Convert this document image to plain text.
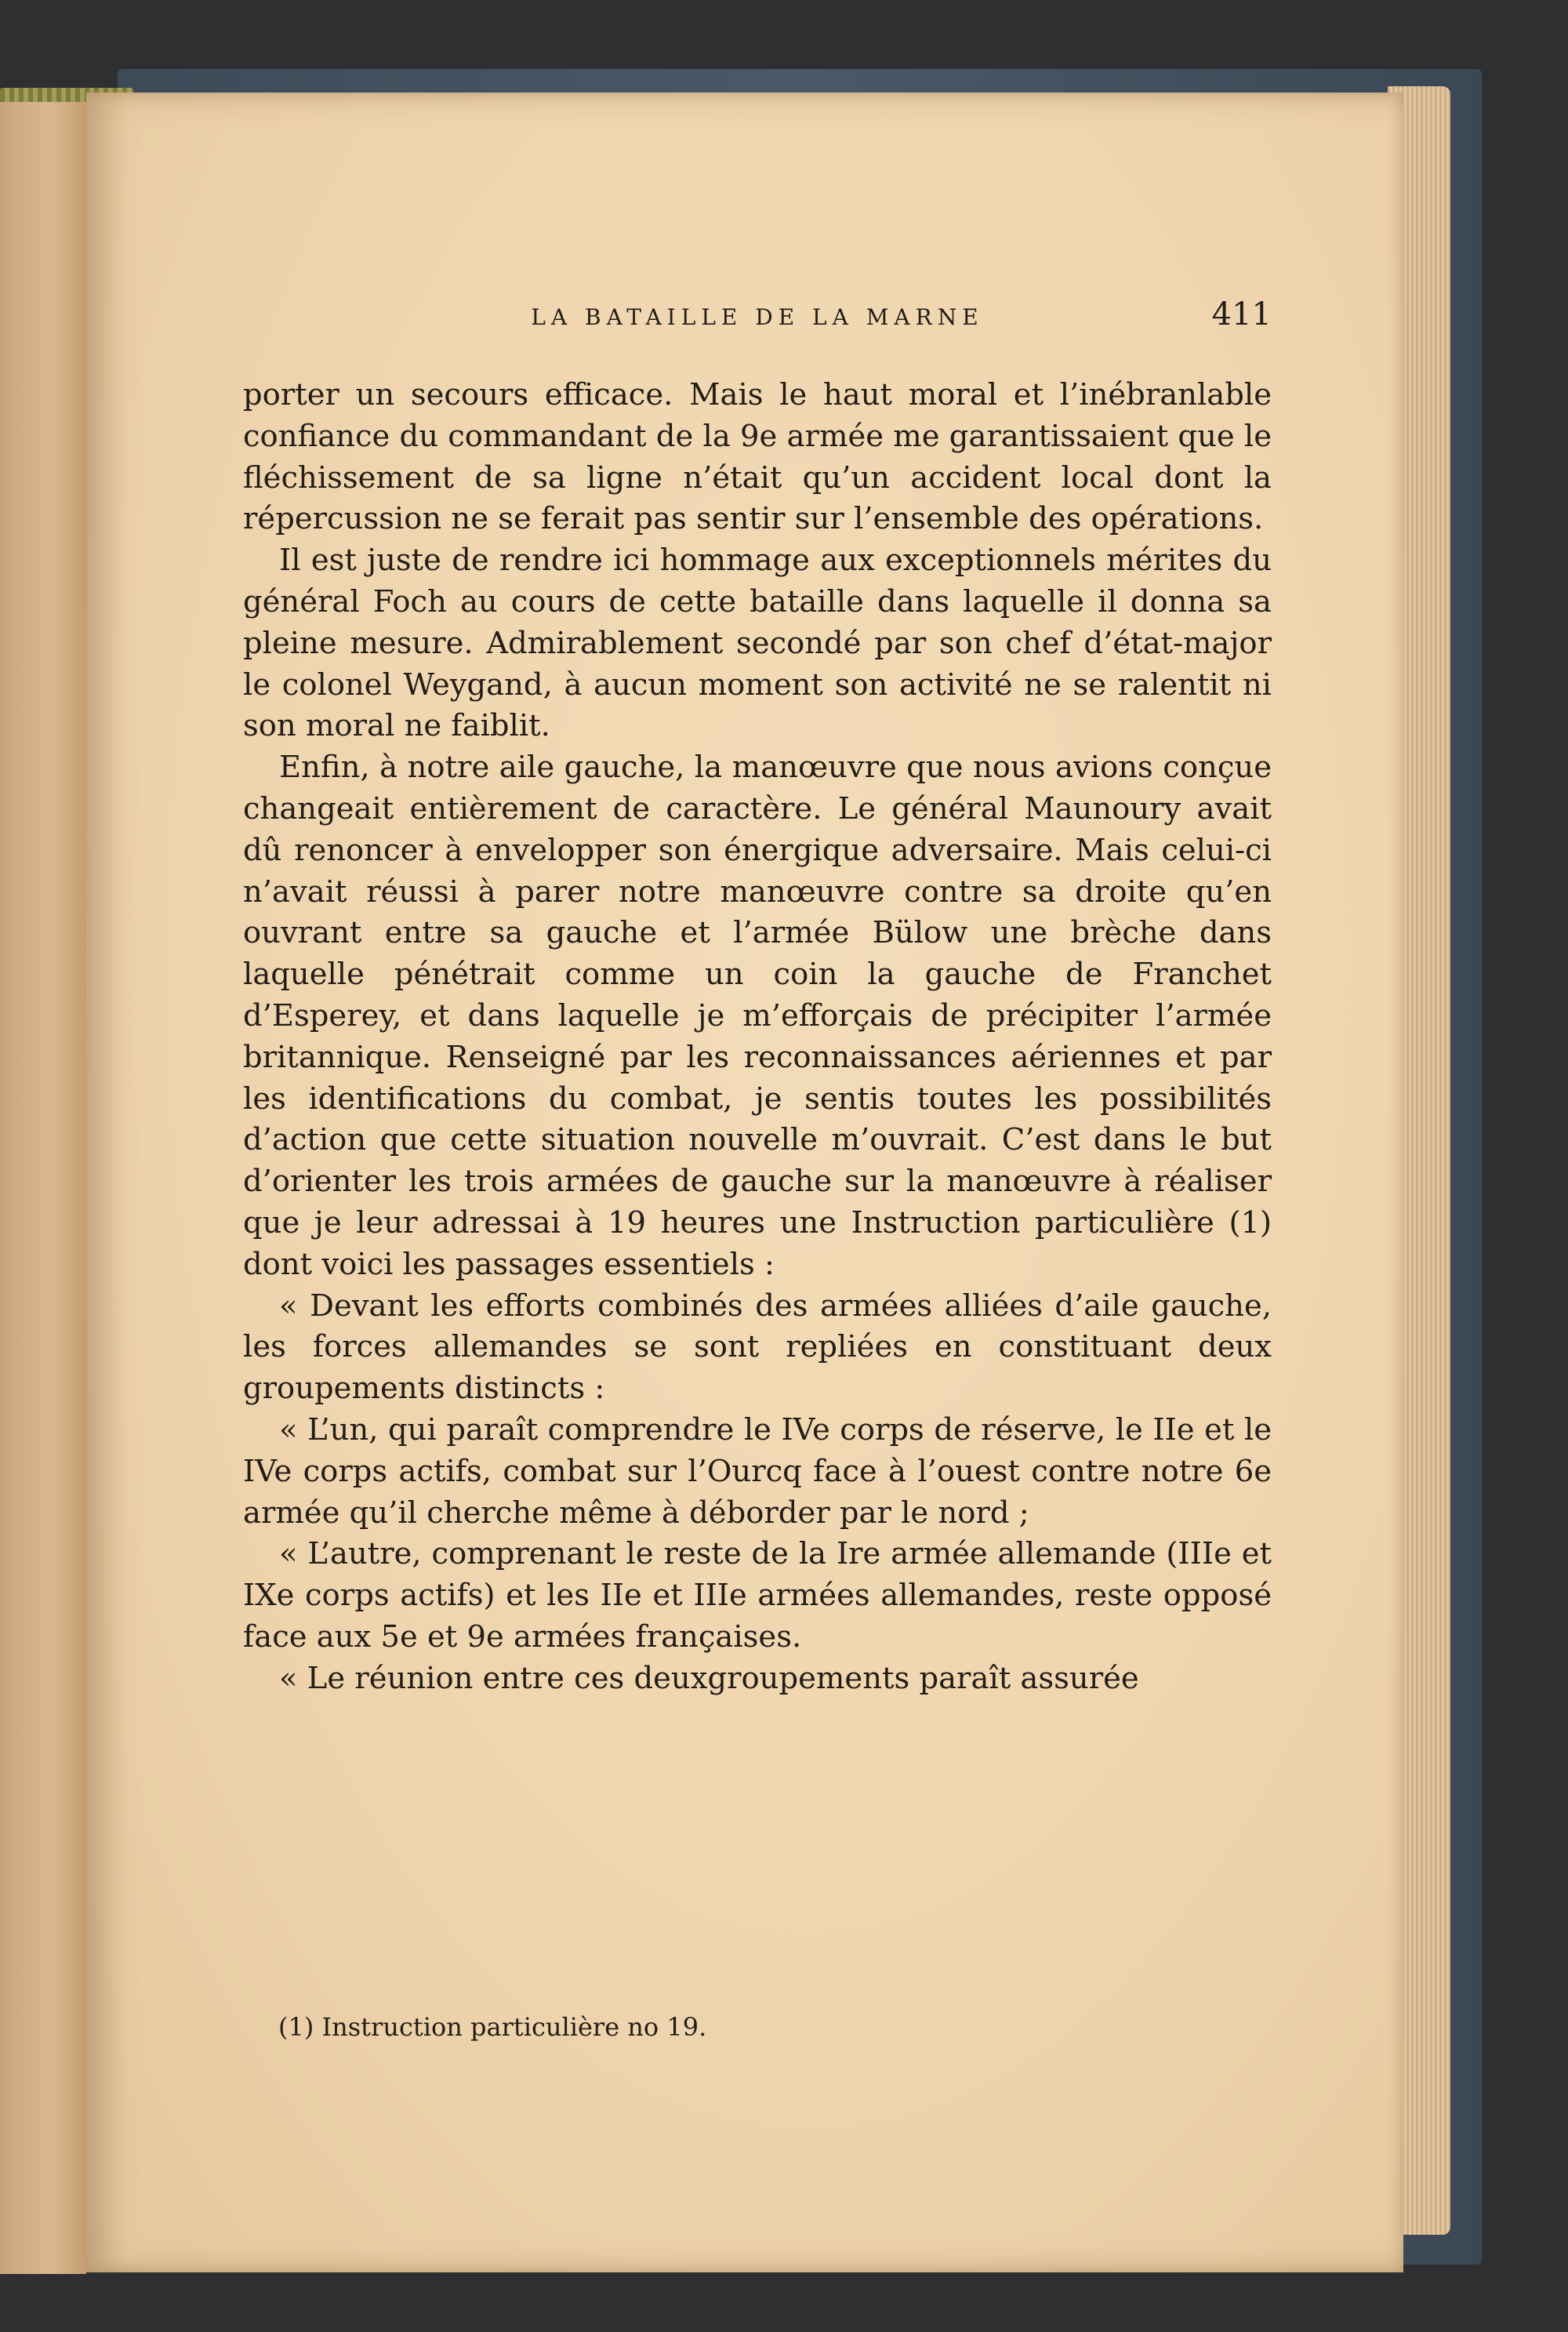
LA BATAILLE DE LA MARNE	411

porter un secours efficace. Mais le haut moral et l’inébranlable confiance du commandant de la 9e armée me garantissaient que le fléchissement de sa ligne n’était qu’un accident local dont la répercussion ne se ferait pas sentir sur l’ensemble des opérations.

Il est juste de rendre ici hommage aux exceptionnels mérites du général Foch au cours de cette bataille dans laquelle il donna sa pleine mesure. Admirablement secondé par son chef d’état-major le colonel Weygand, à aucun moment son activité ne se ralentit ni son moral ne faiblit.

Enfin, à notre aile gauche, la manœuvre que nous avions conçue changeait entièrement de caractère. Le général Maunoury avait dû renoncer à envelopper son énergique adversaire. Mais celui-ci n’avait réussi à parer notre manœuvre contre sa droite qu’en ouvrant entre sa gauche et l’armée Bülow une brèche dans laquelle pénétrait comme un coin la gauche de Franchet d’Esperey, et dans laquelle je m’efforçais de précipiter l’armée britannique. Renseigné par les reconnaissances aériennes et par les identifications du combat, je sentis toutes les possibilités d’action que cette situation nouvelle m’ouvrait. C’est dans le but d’orienter les trois armées de gauche sur la manœuvre à réaliser que je leur adressai à 19 heures une Instruction particulière (1) dont voici les passages essentiels :

« Devant les efforts combinés des armées alliées d’aile gauche, les forces allemandes se sont repliées en constituant deux groupements distincts :

« L’un, qui paraît comprendre le IVe corps de réserve, le IIe et le IVe corps actifs, combat sur l’Ourcq face à l’ouest contre notre 6e armée qu’il cherche même à déborder par le nord ;

« L’autre, comprenant le reste de la Ire armée allemande (IIIe et IXe corps actifs) et les IIe et IIIe armées allemandes, reste opposé face aux 5e et 9e armées françaises.

« Le réunion entre ces deuxgroupements paraît assurée

(1) Instruction particulière no 19.
